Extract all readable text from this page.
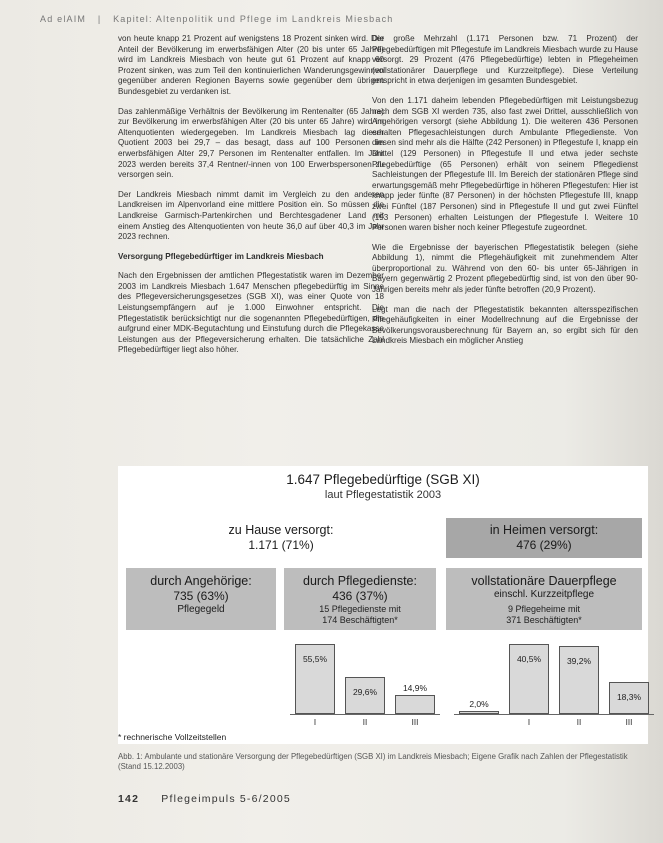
Ad elAIM | Kapitel: Altenpolitik und Pflege im Landkreis Miesbach

von heute knapp 21 Prozent auf wenigstens 18 Prozent sinken wird. Der Anteil der Bevölkerung im erwerbsfähigen Alter (20 bis unter 65 Jahre) wird im Landkreis Miesbach von heute gut 61 Prozent auf knapp 60 Prozent sinken, was zum Teil den kontinuierlichen Wanderungsgewinnen gegenüber anderen Regionen Bayerns sowie gegenüber dem übrigen Bundesgebiet zu verdanken ist.

Das zahlenmäßige Verhältnis der Bevölkerung im Rentenalter (65 Jahre) zur Bevölkerung im erwerbsfähigen Alter (20 bis unter 65 Jahre) wird im Altenquotienten wiedergegeben. Im Landkreis Miesbach lag dieser Quotient 2003 bei 29,7 – das besagt, dass auf 100 Personen im erwerbsfähigen Alter 29,7 Personen im Rentenalter entfallen. Im Jahr 2023 werden bereits 37,4 Rentner/-innen von 100 Erwerbspersonen zu versorgen sein.

Der Landkreis Miesbach nimmt damit im Vergleich zu den anderen Landkreisen im Alpenvorland eine mittlere Position ein. So müssen die Landkreise Garmisch-Partenkirchen und Berchtesgadener Land mit einem Anstieg des Altenquotienten von heute 36,0 auf über 40,3 im Jahr 2023 rechnen.

Versorgung Pflegebedürftiger im Landkreis Miesbach

Nach den Ergebnissen der amtlichen Pflegestatistik waren im Dezember 2003 im Landkreis Miesbach 1.647 Menschen pflegebedürftig im Sinne des Pflegeversicherungsgesetzes (SGB XI), was einer Quote von 18 Leistungsempfängern auf je 1.000 Einwohner entspricht. Die Pflegestatistik berücksichtigt nur die sogenannten Pflegebedürftigen, die aufgrund einer MDK-Begutachtung und Einstufung durch die Pflegekasse Leistungen aus der Pflegeversicherung erhalten. Die tatsächliche Zahl Pflegebedürftiger liegt also höher.

Die große Mehrzahl (1.171 Personen bzw. 71 Prozent) der Pflegebedürftigen mit Pflegestufe im Landkreis Miesbach wurde zu Hause versorgt. 29 Prozent (476 Pflegebedürftige) lebten in Pflegeheimen (vollstationärer Dauerpflege und Kurzzeitpflege). Diese Verteilung entspricht in etwa derjenigen im gesamten Bundesgebiet.

Von den 1.171 daheim lebenden Pflegebedürftigen mit Leistungsbezug nach dem SGB XI werden 735, also fast zwei Drittel, ausschließlich von Angehörigen versorgt (siehe Abbildung 1). Die weiteren 436 Personen erhalten Pflegesachleistungen durch Ambulante Pflegedienste. Von diesen sind mehr als die Hälfte (242 Personen) in Pflegestufe I, knapp ein Drittel (129 Personen) in Pflegestufe II und etwa jeder sechste Pflegebedürftige (65 Personen) erhält von seinem Pflegedienst Sachleistungen der Pflegestufe III. Im Bereich der stationären Pflege sind erwartungsgemäß mehr Pflegebedürftige in höheren Pflegestufen: Hier ist knapp jeder fünfte (87 Personen) in der höchsten Pflegestufe III, knapp zwei Fünftel (187 Personen) sind in Pflegestufe II und gut zwei Fünftel (193 Personen) erhalten Leistungen der Pflegestufe I. Weitere 10 Personen waren bisher noch keiner Pflegestufe zugeordnet.

Wie die Ergebnisse der bayerischen Pflegestatistik belegen (siehe Abbildung 1), nimmt die Pflegehäufigkeit mit zunehmendem Alter überproportional zu. Während von den 60- bis unter 65-Jährigen in Bayern gegenwärtig 2 Prozent pflegebedürftig sind, ist von den über 90-Jährigen bereits mehr als jeder fünfte betroffen (20,9 Prozent).

Legt man die nach der Pflegestatistik bekannten altersspezifischen Pflegehäufigkeiten in einer Modellrechnung auf die Ergebnisse der Bevölkerungsvorausberechnung für Bayern an, so ergibt sich für den Landkreis Miesbach ein möglicher Anstieg

1.647 Pflegebedürftige (SGB XI)
laut Pflegestatistik 2003
zu Hause versorgt:
1.171 (71%)
in Heimen versorgt:
476 (29%)
durch Angehörige:
735 (63%)
Pflegegeld
durch Pflegedienste:
436 (37%)
15 Pflegedienste mit
174 Beschäftigten*
vollstationäre Dauerpflege
einschl. Kurzzeitpflege
9 Pflegeheime mit
371 Beschäftigten*
55,5%
I
29,6%
II
14,9%
III
2,0%
40,5%
I
39,2%
II
18,3%
III
* rechnerische Vollzeitstellen
Abb. 1: Ambulante und stationäre Versorgung der Pflegebedürftigen (SGB XI) im Landkreis Miesbach; Eigene Grafik nach Zahlen der Pflegestatistik (Stand 15.12.2003)
142 Pflegeimpuls 5-6/2005
